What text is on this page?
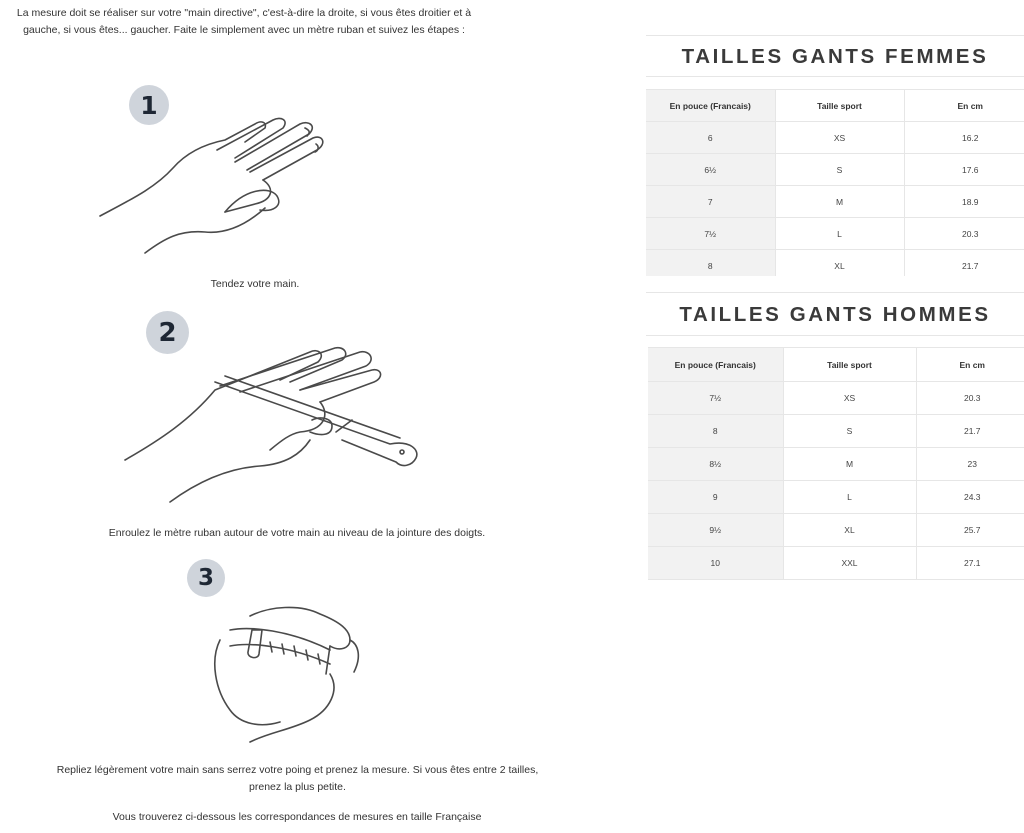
La mesure doit se réaliser sur votre "main directive", c'est-à-dire la droite, si vous êtes droitier et à gauche, si vous êtes... gaucher. Faite le simplement avec un mètre ruban et suivez les étapes :

1

Tendez votre main.

2

Enroulez le mètre ruban autour de votre main au niveau de la jointure des doigts.

3

Repliez légèrement votre main sans serrez votre poing et prenez la mesure. Si vous êtes entre 2 tailles, prenez la plus petite.

Vous trouverez ci-dessous les correspondances de mesures en taille Française

TAILLES GANTS FEMMES
En pouce (Francais)	Taille sport	En cm
6	XS	16.2
6½	S	17.6
7	M	18.9
7½	L	20.3
8	XL	21.7
TAILLES GANTS HOMMES
En pouce (Francais)	Taille sport	En cm
7½	XS	20.3
8	S	21.7
8½	M	23
9	L	24.3
9½	XL	25.7
10	XXL	27.1
